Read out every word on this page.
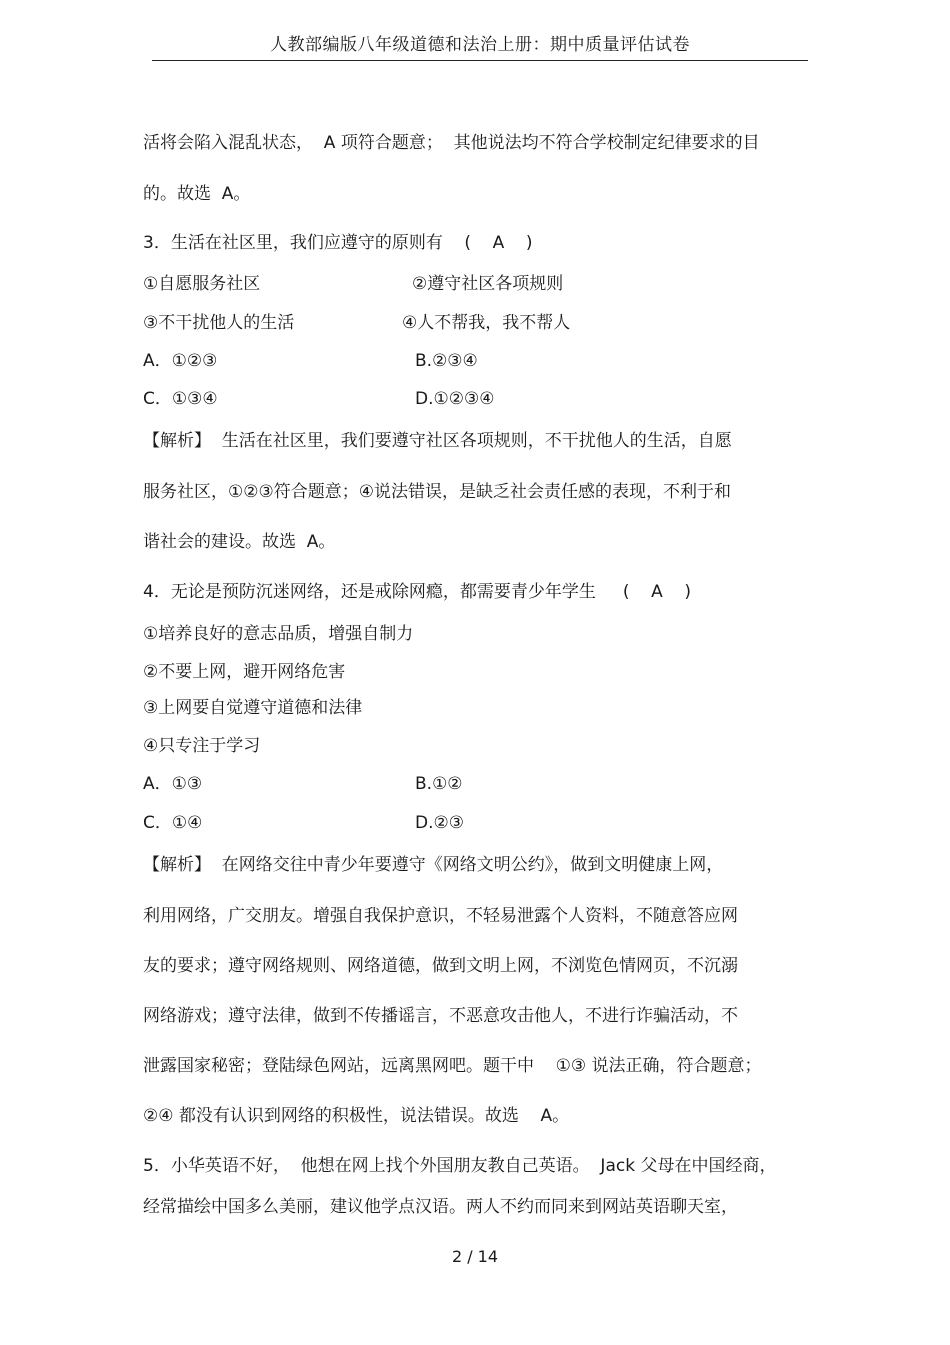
人教部编版八年级道德和法治上册：期中质量评估试卷
活将会陷入混乱状态，  A 项符合题意；  其他说法均不符合学校制定纪律要求的目
的。故选  A。
3．生活在社区里，我们应遵守的原则有    (    A    )
①自愿服务社区	②遵守社区各项规则
③不干扰他人的生活	④人不帮我，我不帮人
A．①②③	B.②③④
C．①③④	D.①②③④
【解析】  生活在社区里，我们要遵守社区各项规则，不干扰他人的生活，自愿
服务社区，①②③符合题意；④说法错误，是缺乏社会责任感的表现，不利于和
谐社会的建设。故选  A。
4．无论是预防沉迷网络，还是戒除网瘾，都需要青少年学生     (    A    )
①培养良好的意志品质，增强自制力
②不要上网，避开网络危害
③上网要自觉遵守道德和法律
④只专注于学习
A．①③	B.①②
C．①④	D.②③
【解析】  在网络交往中青少年要遵守《网络文明公约》，做到文明健康上网，
利用网络，广交朋友。增强自我保护意识，不轻易泄露个人资料，不随意答应网
友的要求；遵守网络规则、网络道德，做到文明上网，不浏览色情网页，不沉溺
网络游戏；遵守法律，做到不传播谣言，不恶意攻击他人，不进行诈骗活动，不
泄露国家秘密；登陆绿色网站，远离黑网吧。题干中    ①③ 说法正确，符合题意；
②④ 都没有认识到网络的积极性，说法错误。故选    A。
5．小华英语不好，  他想在网上找个外国朋友教自己英语。  Jack 父母在中国经商，
经常描绘中国多么美丽，建议他学点汉语。两人不约而同来到网站英语聊天室，
2 / 14
